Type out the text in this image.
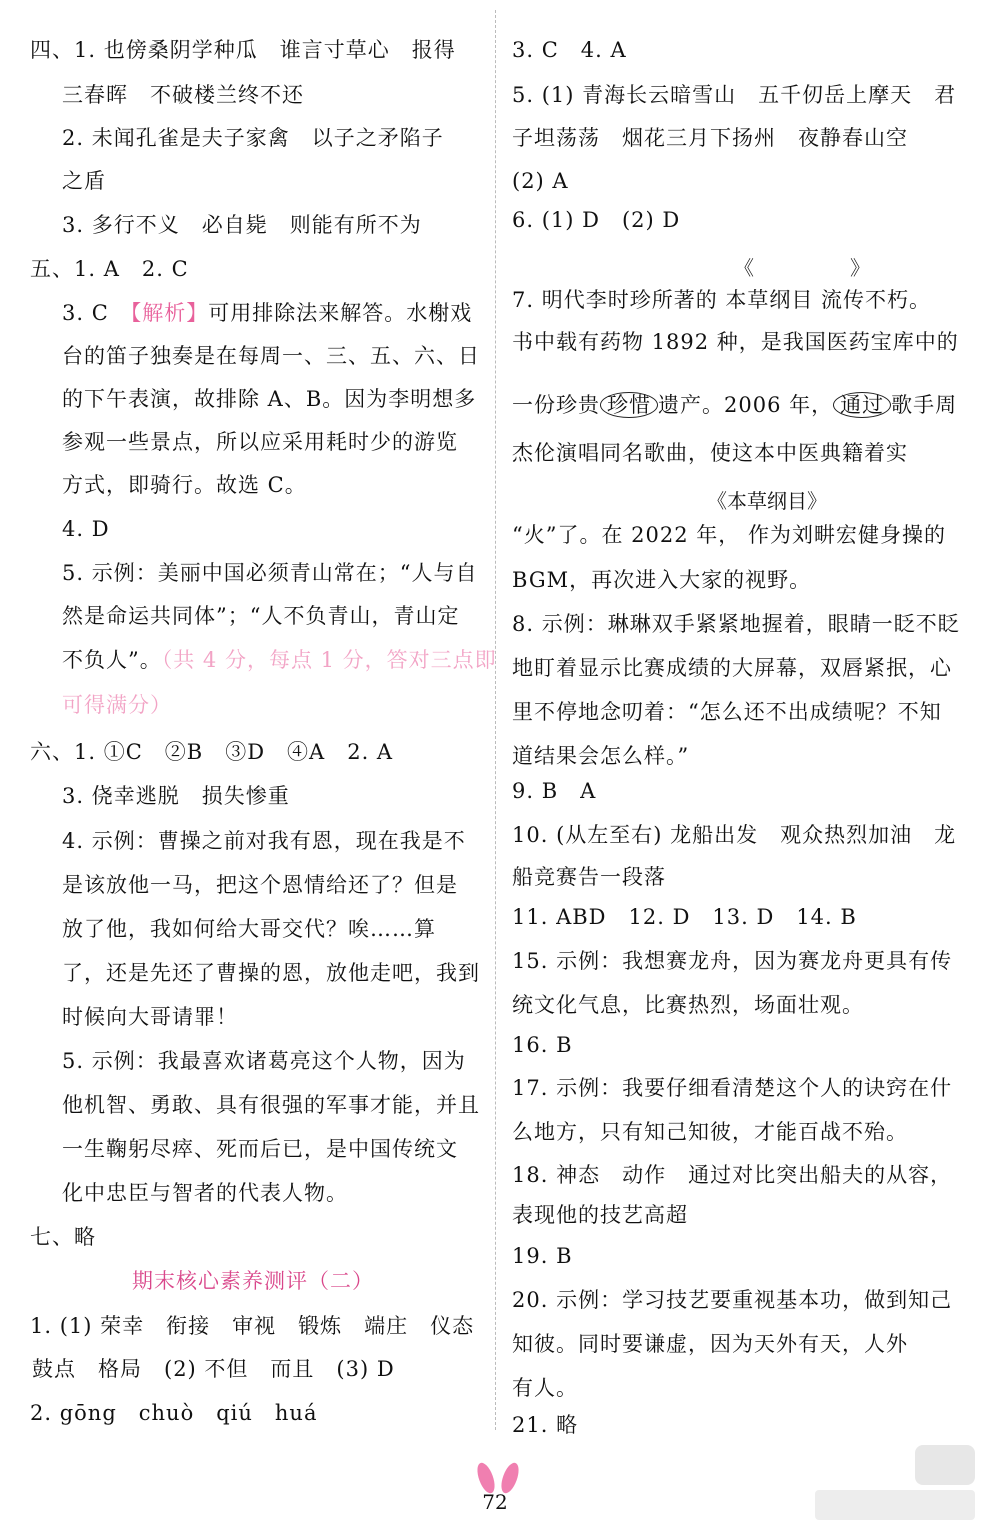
四、1. 也傍桑阴学种瓜　谁言寸草心　报得
三春晖　不破楼兰终不还
2. 未闻孔雀是夫子家禽　以子之矛陷子
之盾
3. 多行不义　必自毙　则能有所不为
五、1. A　2. C
3. C　【解析】可用排除法来解答。水榭戏
台的笛子独奏是在每周一、三、五、六、日
的下午表演，故排除 A、B。因为李明想多
参观一些景点，所以应采用耗时少的游览
方式，即骑行。故选 C。
4. D
5. 示例：美丽中国必须青山常在；“人与自
然是命运共同体”；“人不负青山，青山定
不负人”。（共 4 分，每点 1 分，答对三点即
可得满分）
六、1. ①C　②B　③D　④A　2. A
3. 侥幸逃脱　损失惨重
4. 示例：曹操之前对我有恩，现在我是不
是该放他一马，把这个恩情给还了？但是
放了他，我如何给大哥交代？唉……算
了，还是先还了曹操的恩，放他走吧，我到
时候向大哥请罪！
5. 示例：我最喜欢诸葛亮这个人物，因为
他机智、勇敢、具有很强的军事才能，并且
一生鞠躬尽瘁、死而后已，是中国传统文
化中忠臣与智者的代表人物。
七、略
期末核心素养测评（二）
1. (1) 荣幸　衔接　审视　锻炼　端庄　仪态
鼓点　格局　(2) 不但　而且　(3) D
2. gōng　chuò　qiú　huá
3. C　4. A
5. (1) 青海长云暗雪山　五千仞岳上摩天　君
子坦荡荡　烟花三月下扬州　夜静春山空
(2) A
6. (1) D　(2) D
《	》
7. 明代李时珍所著的 本草纲目 流传不朽。
书中载有药物 1892 种，是我国医药宝库中的
一份珍贵 珍惜 遗产。2006 年， 通过 歌手周
杰伦演唱同名歌曲，使这本中医典籍着实
《本草纲目》
“火”了。在 2022 年， 作为刘畊宏健身操的
BGM，再次进入大家的视野。
8. 示例：琳琳双手紧紧地握着，眼睛一眨不眨
地盯着显示比赛成绩的大屏幕，双唇紧抿，心
里不停地念叨着：“怎么还不出成绩呢？不知
道结果会怎么样。”
9. B　A
10. (从左至右) 龙船出发　观众热烈加油　龙
船竞赛告一段落
11. ABD　12. D　13. D　14. B
15. 示例：我想赛龙舟，因为赛龙舟更具有传
统文化气息，比赛热烈，场面壮观。
16. B
17. 示例：我要仔细看清楚这个人的诀窍在什
么地方，只有知己知彼，才能百战不殆。
18. 神态　动作　通过对比突出船夫的从容，
表现他的技艺高超
19. B
20. 示例：学习技艺要重视基本功，做到知己
知彼。同时要谦虚，因为天外有天，人外
有人。
21. 略
72
